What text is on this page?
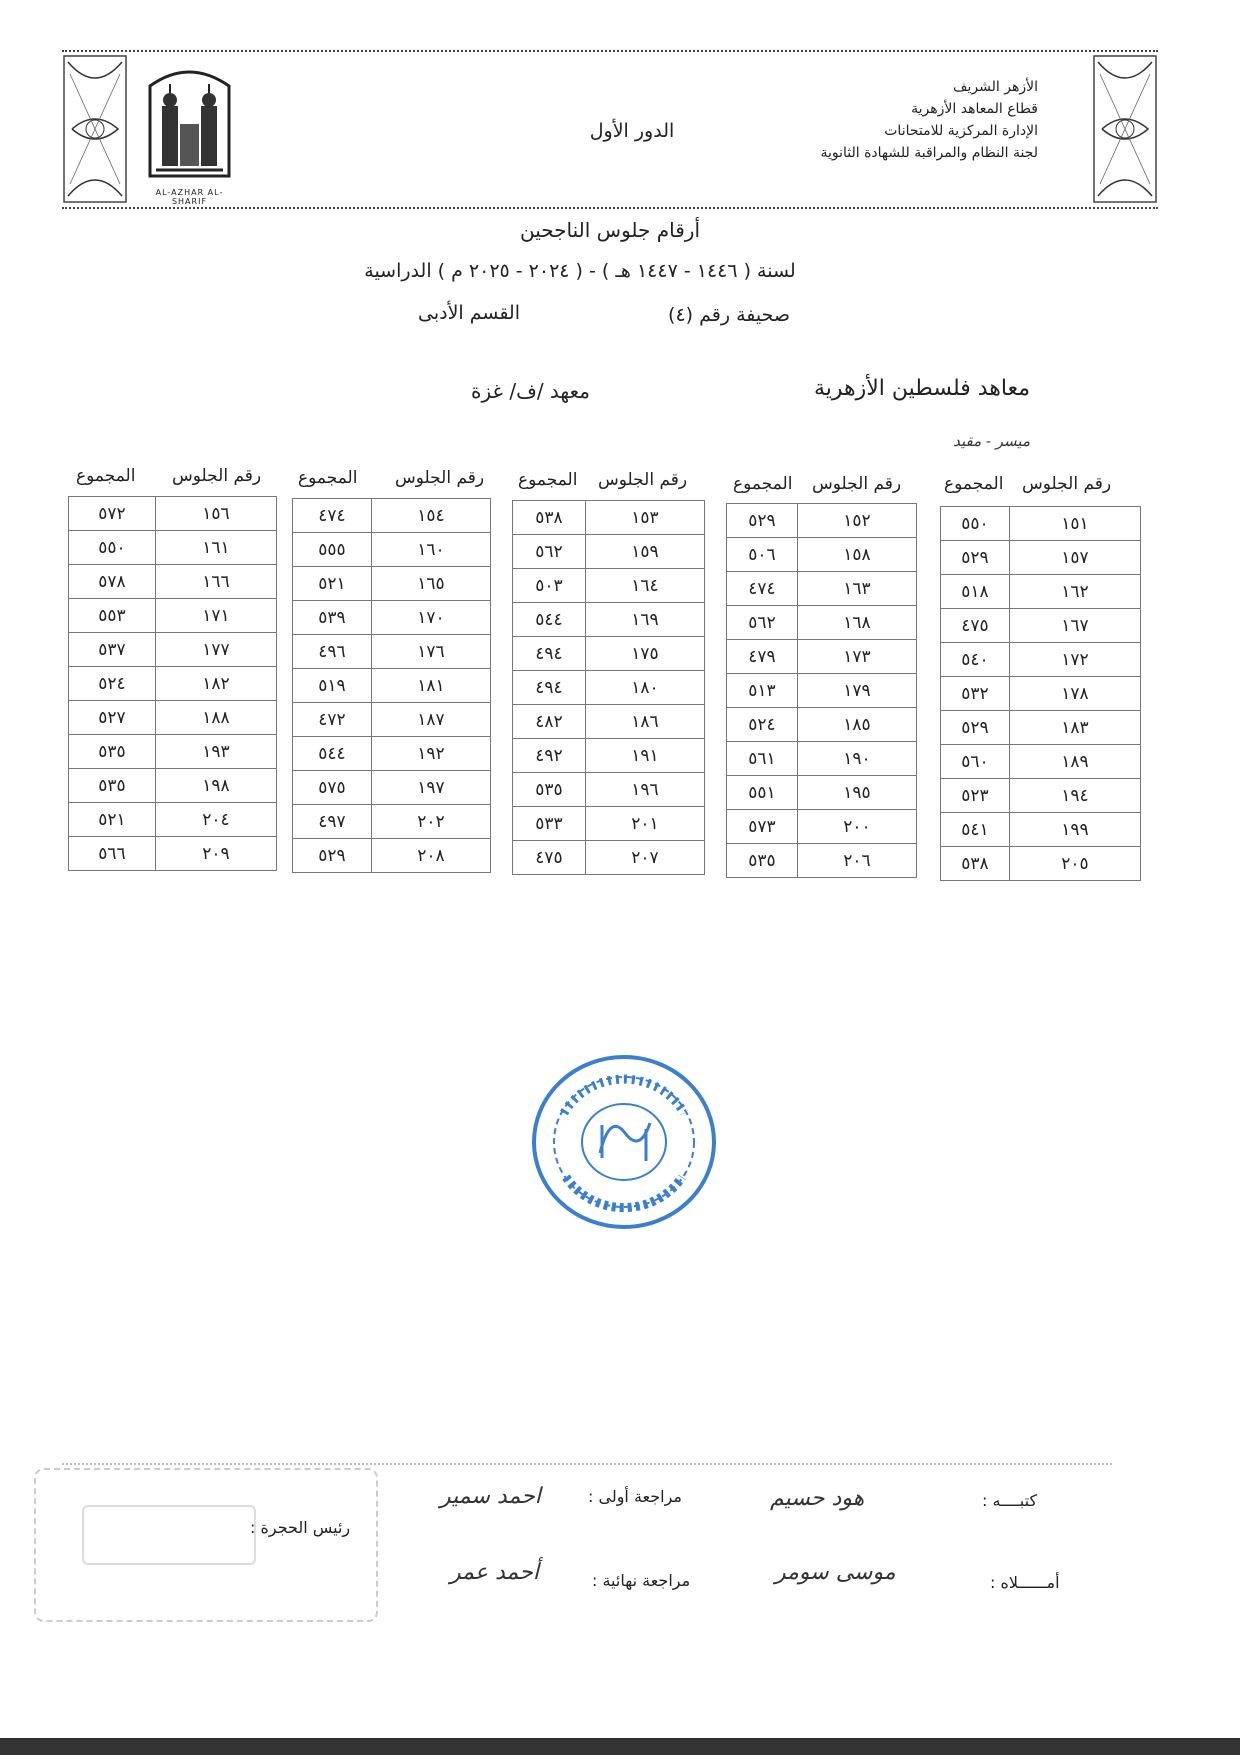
AL-AZHAR AL-SHARIF
الأزهر الشريف
قطاع المعاهد الأزهرية
الإدارة المركزية للامتحانات
لجنة النظام والمراقبة للشهادة الثانوية
الدور الأول
أرقام جلوس الناجحين
لسنة ( ١٤٤٦ - ١٤٤٧ هـ ) - ( ٢٠٢٤ - ٢٠٢٥ م ) الدراسية
صحيفة رقم (٤)
القسم الأدبى
معاهد فلسطين الأزهرية
معهد /ف/ غزة
ميسر - مقيد
رقم الجلوس
المجموع
رقم الجلوس
المجموع
رقم الجلوس
المجموع
رقم الجلوس
المجموع
رقم الجلوس
المجموع
٥٥٠	١٥١
٥٢٩	١٥٧
٥١٨	١٦٢
٤٧٥	١٦٧
٥٤٠	١٧٢
٥٣٢	١٧٨
٥٢٩	١٨٣
٥٦٠	١٨٩
٥٢٣	١٩٤
٥٤١	١٩٩
٥٣٨	٢٠٥
٥٢٩	١٥٢
٥٠٦	١٥٨
٤٧٤	١٦٣
٥٦٢	١٦٨
٤٧٩	١٧٣
٥١٣	١٧٩
٥٢٤	١٨٥
٥٦١	١٩٠
٥٥١	١٩٥
٥٧٣	٢٠٠
٥٣٥	٢٠٦
٥٣٨	١٥٣
٥٦٢	١٥٩
٥٠٣	١٦٤
٥٤٤	١٦٩
٤٩٤	١٧٥
٤٩٤	١٨٠
٤٨٢	١٨٦
٤٩٢	١٩١
٥٣٥	١٩٦
٥٣٣	٢٠١
٤٧٥	٢٠٧
٤٧٤	١٥٤
٥٥٥	١٦٠
٥٢١	١٦٥
٥٣٩	١٧٠
٤٩٦	١٧٦
٥١٩	١٨١
٤٧٢	١٨٧
٥٤٤	١٩٢
٥٧٥	١٩٧
٤٩٧	٢٠٢
٥٢٩	٢٠٨
٥٧٢	١٥٦
٥٥٠	١٦١
٥٧٨	١٦٦
٥٥٣	١٧١
٥٣٧	١٧٧
٥٢٤	١٨٢
٥٢٧	١٨٨
٥٣٥	١٩٣
٥٣٥	١٩٨
٥٢١	٢٠٤
٥٦٦	٢٠٩
كتبــــه :
هود حسيم
أمــــــلاه :
موسى سومر
مراجعة أولى :
احمد سمير
مراجعة نهائية :
أحمد عمر
رئيس الحجرة :
